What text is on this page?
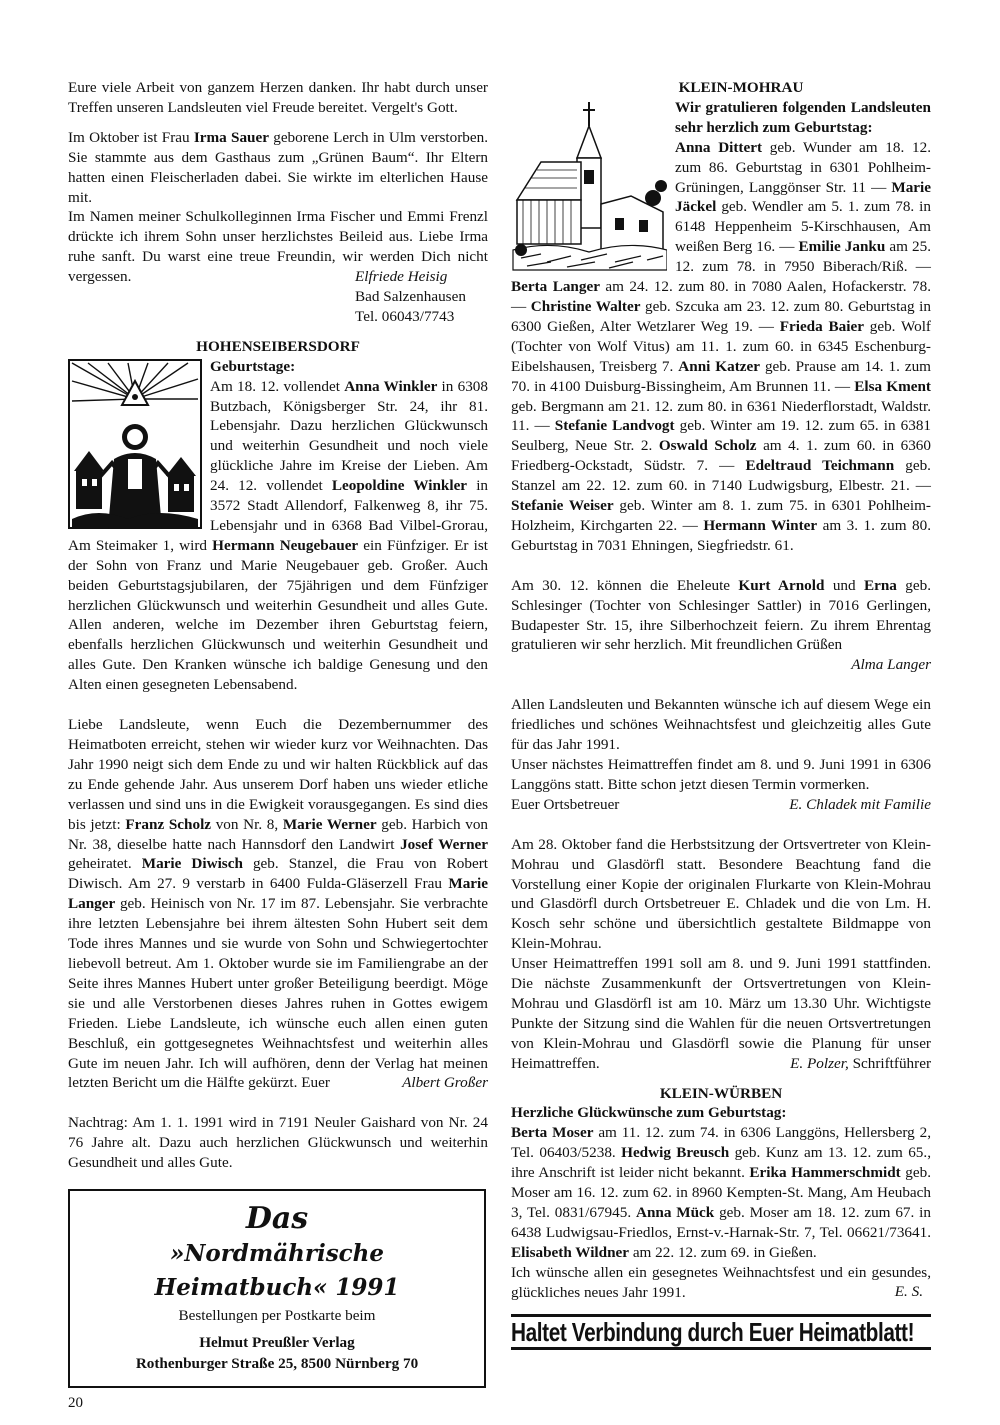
Eure viele Arbeit von ganzem Herzen danken. Ihr habt durch unser Treffen unseren Landsleuten viel Freude bereitet. Vergelt's Gott.

Im Oktober ist Frau Irma Sauer geborene Lerch in Ulm verstorben. Sie stammte aus dem Gasthaus zum „Grünen Baum“. Ihr Eltern hatten einen Fleischerladen dabei. Sie wirkte im elterlichen Hause mit.

Im Namen meiner Schulkolleginnen Irma Fischer und Emmi Frenzl drückte ich ihrem Sohn unser herzlichstes Beileid aus. Liebe Irma ruhe sanft. Du warst eine treue Freundin, wir werden Dich nicht vergessen.	Elfriede Heisig

Bad Salzenhausen

Tel. 06043/7743

HOHENSEIBERSDORF

Geburtstage:

Am 18. 12. vollendet Anna Winkler in 6308 Butzbach, Königsberger Str. 24, ihr 81. Lebensjahr. Dazu herzlichen Glückwunsch und weiterhin Gesundheit und noch viele glückliche Jahre im Kreise der Lieben. Am 24. 12. vollendet Leopoldine Winkler in 3572 Stadt Allendorf, Falkenweg 8, ihr 75. Lebensjahr und in 6368 Bad Vilbel-Grorau, Am Steimaker 1, wird Hermann Neugebauer ein Fünfziger. Er ist der Sohn von Franz und Marie Neugebauer geb. Großer. Auch beiden Geburtstagsjubilaren, der 75jährigen und dem Fünfziger herzlichen Glückwunsch und weiterhin Gesundheit und alles Gute. Allen anderen, welche im Dezember ihren Geburtstag feiern, ebenfalls herzlichen Glückwunsch und weiterhin Gesundheit und alles Gute. Den Kranken wünsche ich baldige Genesung und den Alten einen gesegneten Lebensabend.

Liebe Landsleute, wenn Euch die Dezembernummer des Heimatboten erreicht, stehen wir wieder kurz vor Weihnachten. Das Jahr 1990 neigt sich dem Ende zu und wir halten Rückblick auf das zu Ende gehende Jahr. Aus unserem Dorf haben uns wieder etliche verlassen und sind uns in die Ewigkeit vorausgegangen. Es sind dies bis jetzt: Franz Scholz von Nr. 8, Marie Werner geb. Harbich von Nr. 38, dieselbe hatte nach Hannsdorf den Landwirt Josef Werner geheiratet. Marie Diwisch geb. Stanzel, die Frau von Robert Diwisch. Am 27. 9 verstarb in 6400 Fulda-Gläserzell Frau Marie Langer geb. Heinisch von Nr. 17 im 87. Lebensjahr. Sie verbrachte ihre letzten Lebensjahre bei ihrem ältesten Sohn Hubert seit dem Tode ihres Mannes und sie wurde von Sohn und Schwiegertochter liebevoll betreut. Am 1. Oktober wurde sie im Familiengrabe an der Seite ihres Mannes Hubert unter großer Beteiligung beerdigt. Möge sie und alle Verstorbenen dieses Jahres ruhen in Gottes ewigem Frieden. Liebe Landsleute, ich wünsche euch allen einen guten Beschluß, ein gottgesegnetes Weihnachtsfest und weiterhin alles Gute im neuen Jahr. Ich will aufhören, denn der Verlag hat meinen letzten Bericht um die Hälfte gekürzt. Euer	Albert Großer

Nachtrag: Am 1. 1. 1991 wird in 7191 Neuler Gaishard von Nr. 24 76 Jahre alt. Dazu auch herzlichen Glückwunsch und weiterhin Gesundheit und alles Gute.

Das
»Nordmährische Heimatbuch« 1991
Bestellungen per Postkarte beim
Helmut Preußler Verlag
Rothenburger Straße 25, 8500 Nürnberg 70

KLEIN-MOHRAU

Wir gratulieren folgenden Landsleuten sehr herzlich zum Geburtstag:

Anna Dittert geb. Wunder am 18. 12. zum 86. Geburtstag in 6301 Pohlheim-Grüningen, Langgönser Str. 11 — Marie Jäckel geb. Wendler am 5. 1. zum 78. in 6148 Heppenheim 5-Kirschhausen, Am weißen Berg 16. — Emilie Janku am 25. 12. zum 78. in 7950 Biberach/Riß. — Berta Langer am 24. 12. zum 80. in 7080 Aalen, Hofackerstr. 78. — Christine Walter geb. Szcuka am 23. 12. zum 80. Geburtstag in 6300 Gießen, Alter Wetzlarer Weg 19. — Frieda Baier geb. Wolf (Tochter von Wolf Vitus) am 11. 1. zum 60. in 6345 Eschenburg-Eibelshausen, Treisberg 7. Anni Katzer geb. Prause am 14. 1. zum 70. in 4100 Duisburg-Bissingheim, Am Brunnen 11. — Elsa Kment geb. Bergmann am 21. 12. zum 80. in 6361 Niederflorstadt, Waldstr. 11. — Stefanie Landvogt geb. Winter am 19. 12. zum 65. in 6381 Seulberg, Neue Str. 2. Oswald Scholz am 4. 1. zum 60. in 6360 Friedberg-Ockstadt, Südstr. 7. — Edeltraud Teichmann geb. Stanzel am 22. 12. zum 60. in 7140 Ludwigsburg, Elbestr. 21. — Stefanie Weiser geb. Winter am 8. 1. zum 75. in 6301 Pohlheim-Holzheim, Kirchgarten 22. — Hermann Winter am 3. 1. zum 80. Geburtstag in 7031 Ehningen, Siegfriedstr. 61.

Am 30. 12. können die Eheleute Kurt Arnold und Erna geb. Schlesinger (Tochter von Schlesinger Sattler) in 7016 Gerlingen, Budapester Str. 15, ihre Silberhochzeit feiern. Zu ihrem Ehrentag gratulieren wir sehr herzlich. Mit freundlichen Grüßen

Alma Langer

Allen Landsleuten und Bekannten wünsche ich auf diesem Wege ein friedliches und schönes Weihnachtsfest und gleichzeitig alles Gute für das Jahr 1991.

Unser nächstes Heimattreffen findet am 8. und 9. Juni 1991 in 6306 Langgöns statt. Bitte schon jetzt diesen Termin vormerken.

Euer Ortsbetreuer	E. Chladek mit Familie

Am 28. Oktober fand die Herbstsitzung der Ortsvertreter von Klein-Mohrau und Glasdörfl statt. Besondere Beachtung fand die Vorstellung einer Kopie der originalen Flurkarte von Klein-Mohrau und Glasdörfl durch Ortsbetreuer E. Chladek und die von Lm. H. Kosch sehr schöne und übersichtlich gestaltete Bildmappe von Klein-Mohrau.

Unser Heimattreffen 1991 soll am 8. und 9. Juni 1991 stattfinden. Die nächste Zusammenkunft der Ortsvertretungen von Klein-Mohrau und Glasdörfl ist am 10. März um 13.30 Uhr. Wichtigste Punkte der Sitzung sind die Wahlen für die neuen Ortsvertretungen von Klein-Mohrau und Glasdörfl sowie die Planung für unser Heimattreffen.	E. Polzer, Schriftführer

KLEIN-WÜRBEN

Herzliche Glückwünsche zum Geburtstag:

Berta Moser am 11. 12. zum 74. in 6306 Langgöns, Hellersberg 2, Tel. 06403/5238. Hedwig Breusch geb. Kunz am 13. 12. zum 65., ihre Anschrift ist leider nicht bekannt. Erika Hammerschmidt geb. Moser am 16. 12. zum 62. in 8960 Kempten-St. Mang, Am Heubach 3, Tel. 0831/67945. Anna Mück geb. Moser am 18. 12. zum 67. in 6438 Ludwigsau-Friedlos, Ernst-v.-Harnak-Str. 7, Tel. 06621/73641. Elisabeth Wildner am 22. 12. zum 69. in Gießen.

Ich wünsche allen ein gesegnetes Weihnachtsfest und ein gesundes, glückliches neues Jahr 1991.	E. S.

Haltet Verbindung durch Euer Heimatblatt!
20
